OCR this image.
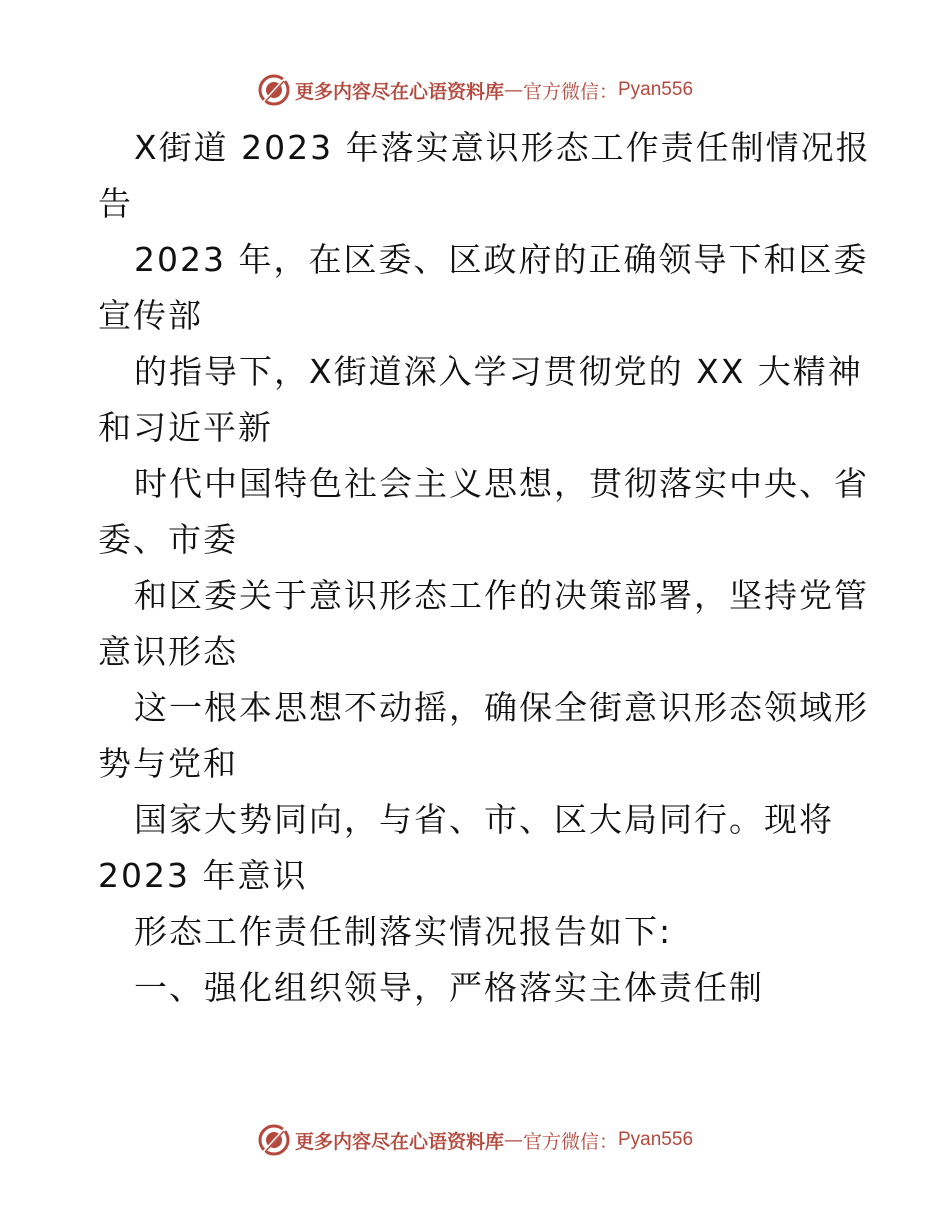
更多内容尽在心语资料库 — 官方微信： Pyan556
X街道 2023 年落实意识形态工作责任制情况报
告
2023 年，在区委、区政府的正确领导下和区委
宣传部
的指导下，X街道深入学习贯彻党的 XX 大精神
和习近平新
时代中国特色社会主义思想，贯彻落实中央、省
委、市委
和区委关于意识形态工作的决策部署，坚持党管
意识形态
这一根本思想不动摇，确保全街意识形态领域形
势与党和
国家大势同向，与省、市、区大局同行。现将
2023 年意识
形态工作责任制落实情况报告如下:
一、强化组织领导，严格落实主体责任制
更多内容尽在心语资料库 — 官方微信： Pyan556
